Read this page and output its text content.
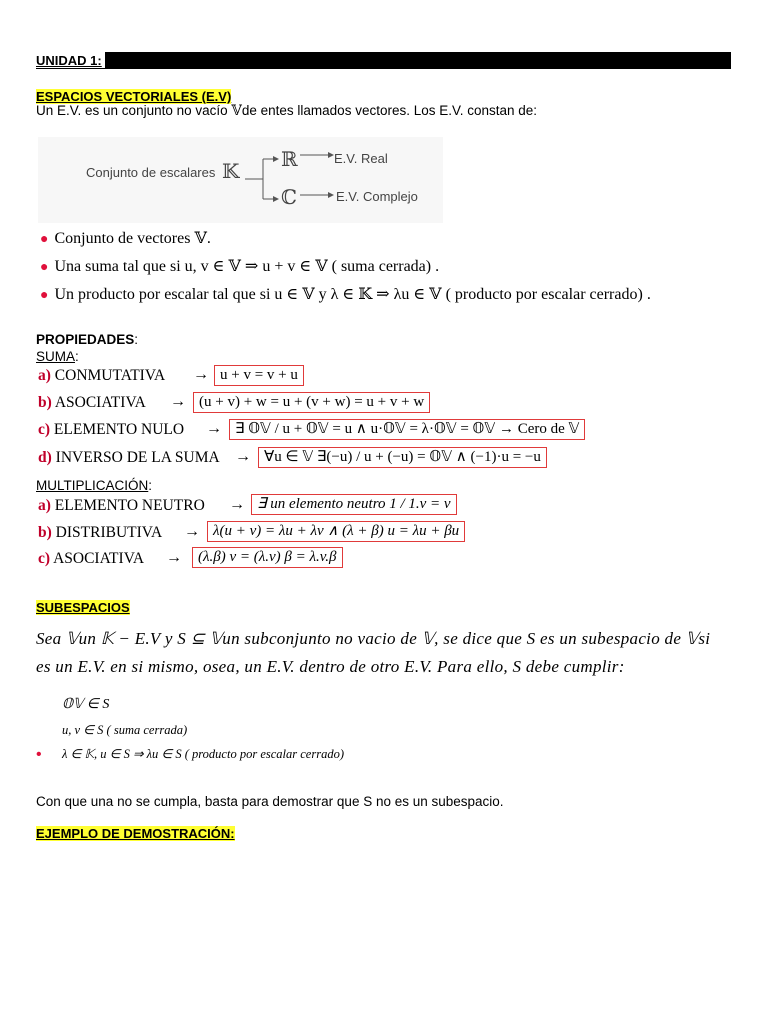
UNIDAD 1:
ESPACIOS VECTORIALES (E.V)
Un E.V. es un conjunto no vacío 𝕍de entes llamados vectores. Los E.V. constan de:
Conjunto de escalares 𝕂 ℝ
ℂ
E.V. Real
E.V. Complejo
● Conjunto de vectores 𝕍.
● Una suma tal que si u, v ∈ 𝕍 ⇒ u + v ∈ 𝕍 ( suma cerrada) .
● Un producto por escalar tal que si u ∈ 𝕍 y λ ∈ 𝕂 ⇒ λu ∈ 𝕍 ( producto por escalar cerrado) .
PROPIEDADES:
SUMA:
a) CONMUTATIVA → u + v = v + u
b) ASOCIATIVA → (u + v) + w = u + (v + w) = u + v + w
c) ELEMENTO NULO → ∃ 𝕆𝕍 / u + 𝕆𝕍 = u ∧ u·𝕆𝕍 = λ·𝕆𝕍 = 𝕆𝕍 → Cero de 𝕍
d) INVERSO DE LA SUMA → ∀u ∈ 𝕍 ∃(−u) / u + (−u) = 𝕆𝕍 ∧ (−1)·u = −u
MULTIPLICACIÓN:
a) ELEMENTO NEUTRO → ∃ un elemento neutro 1 / 1.v = v
b) DISTRIBUTIVA → λ(u + v) = λu + λv ∧ (λ + β) u = λu + βu
c) ASOCIATIVA →	(λ.β) v = (λ.v) β = λ.v.β
SUBESPACIOS
Sea 𝕍un 𝕂 − E.V y S ⊆ 𝕍un subconjunto no vacio de 𝕍, se dice que S es un subespacio de 𝕍si
es un E.V. en si mismo, osea, un E.V. dentro de otro E.V. Para ello, S debe cumplir:
𝕆𝕍 ∈ S
u, v ∈ S ( suma cerrada)
• λ ∈ 𝕂, u ∈ S ⇒ λu ∈ S ( producto por escalar cerrado)
Con que una no se cumpla, basta para demostrar que S no es un subespacio.
EJEMPLO DE DEMOSTRACIÓN:
